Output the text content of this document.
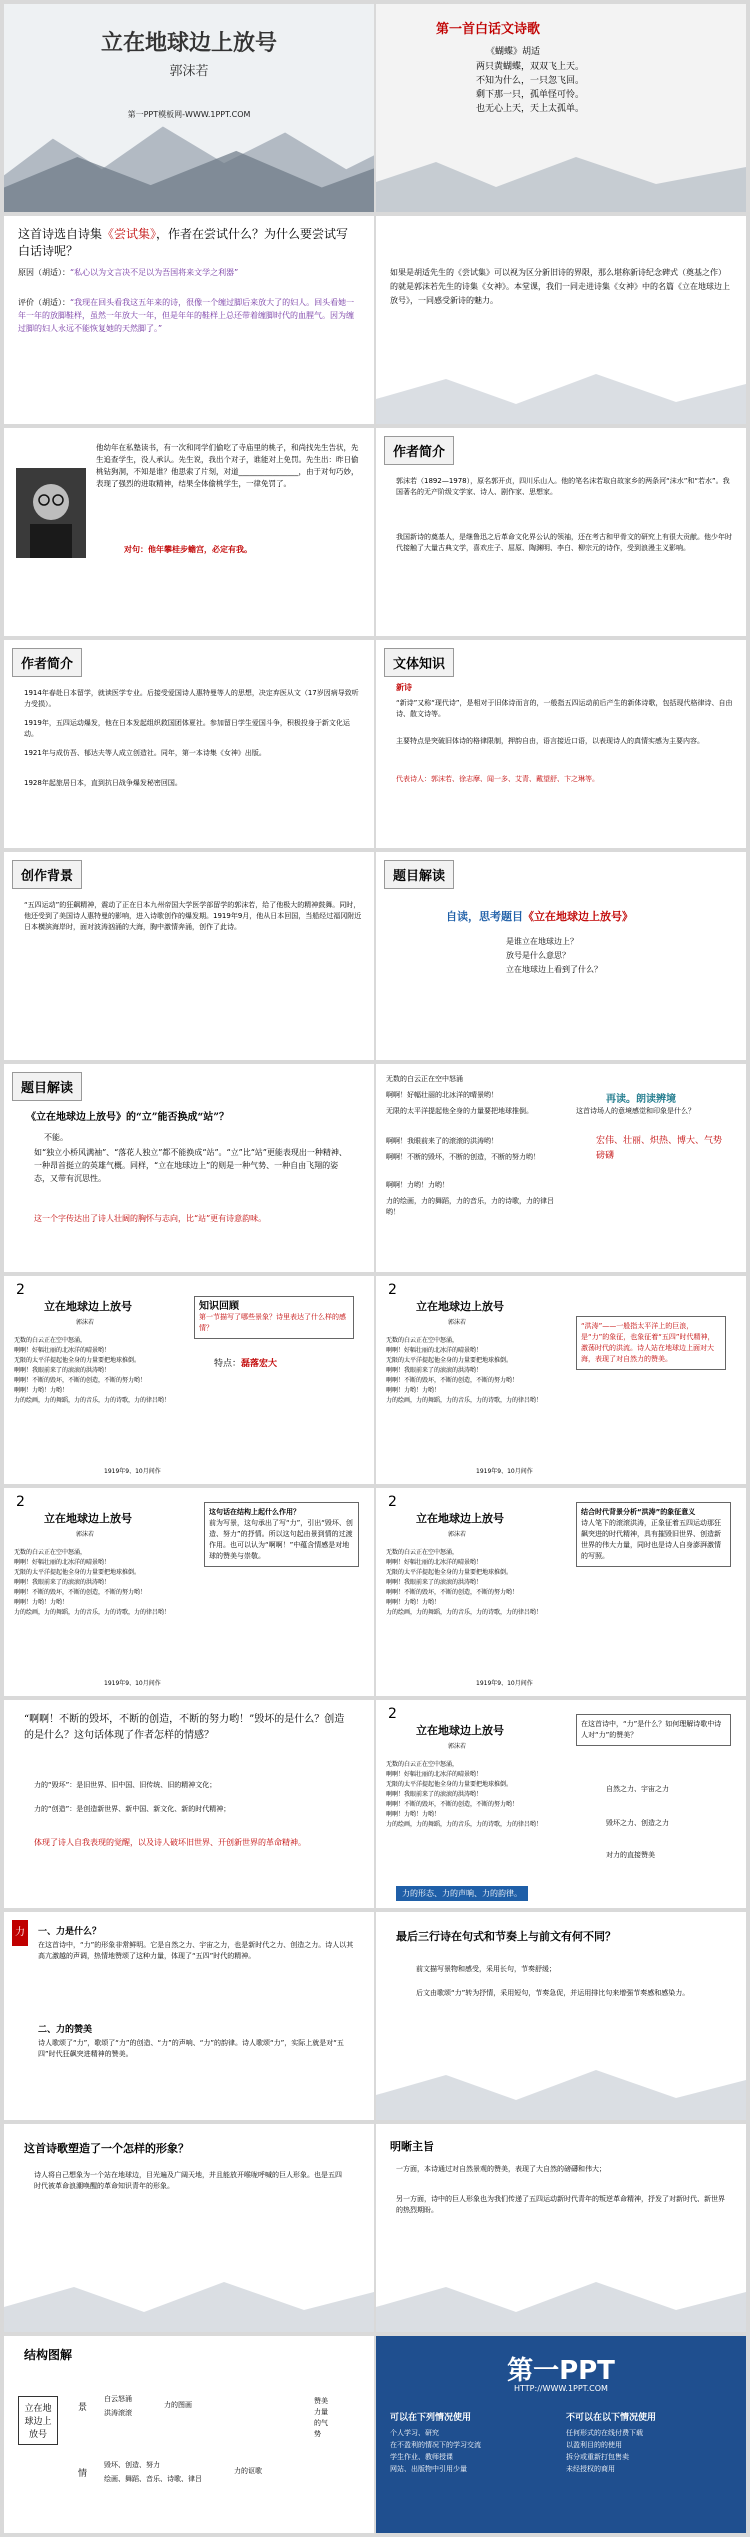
立在地球边上放号
郭沫若
第一PPT模板网-WWW.1PPT.COM
第一首白话文诗歌
《蝴蝶》胡适
两只黄蝴蝶，双双飞上天。
不知为什么，一只忽飞回。
剩下那一只，孤单怪可怜。
也无心上天，天上太孤单。
这首诗选自诗集《尝试集》，作者在尝试什么？为什么要尝试写白话诗呢？
原因（胡适）：“私心以为文言决不足以为吾国将来文学之利器”
评价（胡适）：“我现在回头看我这五年来的诗，很像一个缠过脚后来放大了的妇人。回头看她一年一年的放脚鞋样，虽然一年放大一年，但是年年的鞋样上总还带着缠脚时代的血腥气。因为缠过脚的妇人永远不能恢复她的天然脚了。”
如果是胡适先生的《尝试集》可以视为区分新旧诗的界限，那么堪称新诗纪念碑式（奠基之作）的就是郭沫若先生的诗集《女神》。本堂课，我们一同走进诗集《女神》中的名篇《立在地球边上放号》，一同感受新诗的魅力。
他幼年在私塾读书，有一次和同学们偷吃了寺庙里的桃子，和尚找先生告状，先生追查学生，没人承认。先生说，我出个对子，谁能对上免罚。先生出：昨日偷桃钻狗洞，不知是谁？他思索了片刻，对道________________，由于对句巧妙，表现了强烈的进取精神，结果全体偷桃学生，一律免罚了。
对句：他年攀桂步蟾宫，必定有我。
作者简介
郭沫若（1892—1978），原名郭开贞，四川乐山人。他的笔名沫若取自故家乡的两条河“沫水”和“若水”。我国著名的无产阶级文学家、诗人、剧作家、思想家。
我国新诗的奠基人，是继鲁迅之后革命文化界公认的领袖，还在考古和甲骨文的研究上有很大贡献。他少年时代接触了大量古典文学，喜欢庄子、屈原、陶渊明、李白、柳宗元的诗作，受到浪漫主义影响。
作者简介
1914年春赴日本留学，就读医学专业。后接受爱国诗人惠特曼等人的思想，决定弃医从文（17岁因病导致听力受损）。
1919年，五四运动爆发，他在日本发起组织救国团体夏社。参加留日学生爱国斗争，积极投身于新文化运动。
1921年与成仿吾、郁达夫等人成立创造社。同年，第一本诗集《女神》出版。
1928年起旅居日本，直到抗日战争爆发秘密回国。
文体知识
新诗
“新诗”又称“现代诗”，是相对于旧体诗而言的，一般指五四运动前后产生的新体诗歌，包括现代格律诗、自由诗、散文诗等。
主要特点是突破旧体诗的格律限制，押韵自由，语言接近口语，以表现诗人的真情实感为主要内容。
代表诗人：郭沫若、徐志摩、闻一多、艾青、戴望舒、卞之琳等。
创作背景
“五四运动”的狂飙精神，震动了正在日本九州帝国大学医学部留学的郭沫若，给了他极大的精神鼓舞。同时，他还受到了美国诗人惠特曼的影响，进入诗歌创作的爆发期。1919年9月，他从日本回国，当船经过福冈附近日本横滨海岸时，面对波涛汹涌的大海，胸中激情奔涌，创作了此诗。
题目解读
自读，思考题目《立在地球边上放号》
是谁立在地球边上？
放号是什么意思？
立在地球边上看到了什么？
题目解读
《立在地球边上放号》的“立”能否换成“站”？
不能。
如“独立小桥风满袖”、“落花人独立”都不能换成“站”。“立”比“站”更能表现出一种精神、一种昂首挺立的英雄气概。同样，“立在地球边上”的则是一种气势、一种自由飞翔的姿态，又带有沉思性。
这一个字传达出了诗人壮阔的胸怀与志向，比“站”更有诗意韵味。
无数的白云正在空中怒涌
啊啊！好幅壮丽的北冰洋的晴景哟！
无限的太平洋提起他全身的力量要把地球推倒。
啊啊！我眼前来了的滚滚的洪涛哟！
啊啊！不断的毁坏，不断的创造，不断的努力哟！
啊啊！力哟！力哟！
力的绘画，力的舞蹈，力的音乐，力的诗歌，力的律吕哟！
再读。朗读辨境
这首诗场人的意境感觉和印象是什么？
宏伟、壮丽、炽热、博大、气势磅礴
2
立在地球边上放号
郭沫若
无数的白云正在空中怒涌，
啊啊！好幅壮丽的北冰洋的晴景哟！
无限的太平洋提起他全身的力量要把地球推倒。
啊啊！我眼前来了的滚滚的洪涛哟！
啊啊！不断的毁坏，不断的创造，不断的努力哟！
啊啊！力哟！力哟！
力的绘画，力的舞蹈，力的音乐，力的诗歌，力的律吕哟！
1919年9、10月间作
知识回顾
第一节描写了哪些景象？诗里表达了什么样的感情？
特点：磊落宏大
2
立在地球边上放号
郭沫若
无数的白云正在空中怒涌，
啊啊！好幅壮丽的北冰洋的晴景哟！
无限的太平洋提起他全身的力量要把地球推倒。
啊啊！我眼前来了的滚滚的洪涛哟！
啊啊！不断的毁坏，不断的创造，不断的努力哟！
啊啊！力哟！力哟！
力的绘画，力的舞蹈，力的音乐，力的诗歌，力的律吕哟！
1919年9、10月间作
“洪涛”——一般指太平洋上的巨浪，是“力”的象征，也象征着“五四”时代精神，激荡时代的洪流。诗人站在地球边上面对大海，表现了对自然力的赞美。
2
立在地球边上放号
郭沫若
无数的白云正在空中怒涌，
啊啊！好幅壮丽的北冰洋的晴景哟！
无限的太平洋提起他全身的力量要把地球推倒。
啊啊！我眼前来了的滚滚的洪涛哟！
啊啊！不断的毁坏，不断的创造，不断的努力哟！
啊啊！力哟！力哟！
力的绘画，力的舞蹈，力的音乐，力的诗歌，力的律吕哟！
1919年9、10月间作
这句话在结构上起什么作用？
前为写景，这句承出了写“力”，引出“毁坏、创造、努力”的抒情。所以这句起由景到情的过渡作用。也可以认为“啊啊！”中蕴含情感是对地球的赞美与崇敬。
2
立在地球边上放号
郭沫若
无数的白云正在空中怒涌，
啊啊！好幅壮丽的北冰洋的晴景哟！
无限的太平洋提起他全身的力量要把地球推倒。
啊啊！我眼前来了的滚滚的洪涛哟！
啊啊！不断的毁坏，不断的创造，不断的努力哟！
啊啊！力哟！力哟！
力的绘画，力的舞蹈，力的音乐，力的诗歌，力的律吕哟！
1919年9、10月间作
结合时代背景分析“洪涛”的象征意义
诗人笔下的滚滚洪涛，正象征着五四运动那狂飙突进的时代精神，具有摧毁旧世界、创造新世界的伟大力量，同时也是诗人自身澎湃激情的写照。
“啊啊！不断的毁坏，不断的创造，不断的努力哟！”毁坏的是什么？创造的是什么？这句话体现了作者怎样的情感？
力的“毁坏”：是旧世界、旧中国、旧传统、旧的精神文化；
力的“创造”：是创造新世界、新中国、新文化、新的时代精神；
体现了诗人自我表现的觉醒，以及诗人破坏旧世界、开创新世界的革命精神。
2
立在地球边上放号
郭沫若
无数的白云正在空中怒涌，
啊啊！好幅壮丽的北冰洋的晴景哟！
无限的太平洋提起他全身的力量要把地球推倒。
啊啊！我眼前来了的滚滚的洪涛哟！
啊啊！不断的毁坏，不断的创造，不断的努力哟！
啊啊！力哟！力哟！
力的绘画，力的舞蹈，力的音乐，力的诗歌，力的律吕哟！
在这首诗中，“力”是什么？如何理解诗歌中诗人对“力”的赞美？
自然之力、宇宙之力
毁坏之力、创造之力
对力的直接赞美
力的形态、力的声响、力的韵律。
力	一、力是什么？
在这首诗中，“力”的形象非常鲜明。它是自然之力、宇宙之力，也是新时代之力、创造之力。诗人以其高亢激越的声调，热情地赞颂了这种力量，体现了“五四”时代的精神。
二、力的赞美
诗人歌颂了“力”，歌颂了“力”的创造、“力”的声响、“力”的韵律。诗人歌颂“力”，实际上就是对“五四”时代狂飙突进精神的赞美。
最后三行诗在句式和节奏上与前文有何不同？
前文描写景物和感受，采用长句，节奏舒缓；
后文由歌颂“力”转为抒情，采用短句，节奏急促，并运用排比句来增强节奏感和感染力。
这首诗歌塑造了一个怎样的形象？
诗人将自己想象为一个站在地球边，目光遍及广阔天地，并且能放开喉咙呼喊的巨人形象。也是五四时代被革命浪潮唤醒的革命知识青年的形象。
明晰主旨
一方面，本诗通过对自然景观的赞美，表现了大自然的磅礴和伟大；
另一方面，诗中的巨人形象也为我们传递了五四运动新时代青年的叛逆革命精神，抒发了对新时代、新世界的热烈期盼。
结构图解
立在地球边上放号
景
白云怒涌
洪涛滚滚
力的图画
情
毁坏、创造、努力
绘画、舞蹈、音乐、诗歌、律吕
力的讴歌
赞美力量的气势
第一PPT
HTTP://WWW.1PPT.COM
可以在下列情况使用	不可以在以下情况使用
个人学习、研究
在不盈利的情况下的学习交流
学生作业、教师授课
网站、出版物中引用少量
任何形式的在线付费下载
以盈利目的的使用
拆分或重新打包售卖
未经授权的商用
